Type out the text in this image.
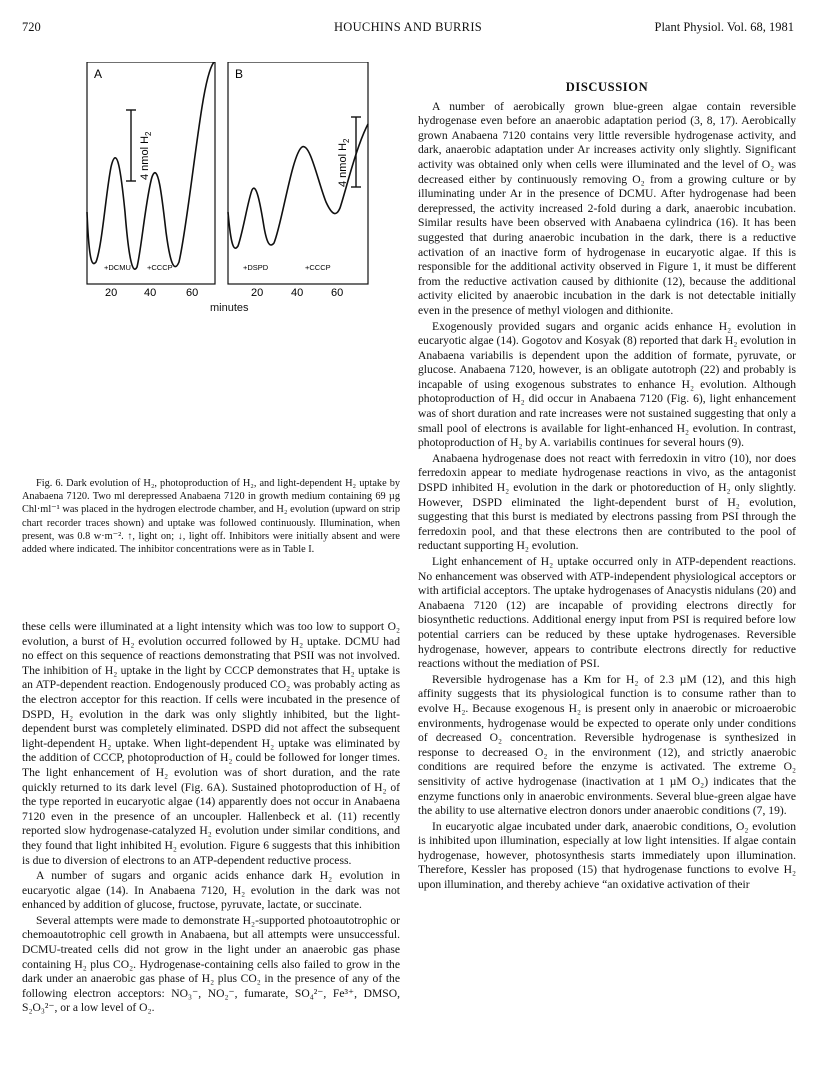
720	HOUCHINS AND BURRIS	Plant Physiol. Vol. 68, 1981
A
4 nmol $H_2$
+DCMU +CCCP
B
4 nmol $H_2$
+DSPD	+CCCP
20 40	60	20	40	60
minutes
Fig. 6. Dark evolution of H₂, photoproduction of H₂, and light-dependent H₂ uptake by Anabaena 7120. Two ml derepressed Anabaena 7120 in growth medium containing 69 µg Chl·ml⁻¹ was placed in the hydrogen electrode chamber, and H₂ evolution (upward on strip chart recorder traces shown) and uptake was followed continuously. Illumination, when present, was 0.8 w·m⁻². ↑, light on; ↓, light off. Inhibitors were initially absent and were added where indicated. The inhibitor concentrations were as in Table I.

these cells were illuminated at a light intensity which was too low to support O₂ evolution, a burst of H₂ evolution occurred followed by H₂ uptake. DCMU had no effect on this sequence of reactions demonstrating that PSII was not involved. The inhibition of H₂ uptake in the light by CCCP demonstrates that H₂ uptake is an ATP-dependent reaction. Endogenously produced CO₂ was probably acting as the electron acceptor for this reaction. If cells were incubated in the presence of DSPD, H₂ evolution in the dark was only slightly inhibited, but the light-dependent burst was completely eliminated. DSPD did not affect the subsequent light-dependent H₂ uptake. When light-dependent H₂ uptake was eliminated by the addition of CCCP, photoproduction of H₂ could be followed for longer times. The light enhancement of H₂ evolution was of short duration, and the rate quickly returned to its dark level (Fig. 6A). Sustained photoproduction of H₂ of the type reported in eucaryotic algae (14) apparently does not occur in Anabaena 7120 even in the presence of an uncoupler. Hallenbeck et al. (11) recently reported slow hydrogenase-catalyzed H₂ evolution under similar conditions, and they found that light inhibited H₂ evolution. Figure 6 suggests that this inhibition is due to diversion of electrons to an ATP-dependent reductive process.

A number of sugars and organic acids enhance dark H₂ evolution in eucaryotic algae (14). In Anabaena 7120, H₂ evolution in the dark was not enhanced by addition of glucose, fructose, pyruvate, lactate, or succinate.

Several attempts were made to demonstrate H₂-supported photoautotrophic or chemoautotrophic cell growth in Anabaena, but all attempts were unsuccessful. DCMU-treated cells did not grow in the light under an anaerobic gas phase containing H₂ plus CO₂. Hydrogenase-containing cells also failed to grow in the dark under an anaerobic gas phase of H₂ plus CO₂ in the presence of any of the following electron acceptors: NO₃⁻, NO₂⁻, fumarate, SO₄²⁻, Fe³⁺, DMSO, S₂O₃²⁻, or a low level of O₂.

DISCUSSION

A number of aerobically grown blue-green algae contain reversible hydrogenase even before an anaerobic adaptation period (3, 8, 17). Aerobically grown Anabaena 7120 contains very little reversible hydrogenase activity, and dark, anaerobic adaptation under Ar increases activity only slightly. Significant activity was obtained only when cells were illuminated and the level of O₂ was decreased either by continuously removing O₂ from a growing culture or by illuminating under Ar in the presence of DCMU. After hydrogenase had been derepressed, the activity increased 2-fold during a dark, anaerobic incubation. Similar results have been observed with Anabaena cylindrica (16). It has been suggested that during anaerobic incubation in the dark, there is a reductive activation of an inactive form of hydrogenase in eucaryotic algae. If this is responsible for the additional activity observed in Figure 1, it must be different from the reductive activation caused by dithionite (12), because the additional activity elicited by anaerobic incubation in the dark is not detectable initially even in the presence of methyl viologen and dithionite.

Exogenously provided sugars and organic acids enhance H₂ evolution in eucaryotic algae (14). Gogotov and Kosyak (8) reported that dark H₂ evolution in Anabaena variabilis is dependent upon the addition of formate, pyruvate, or glucose. Anabaena 7120, however, is an obligate autotroph (22) and probably is incapable of using exogenous substrates to enhance H₂ evolution. Although photoproduction of H₂ did occur in Anabaena 7120 (Fig. 6), light enhancement was of short duration and rate increases were not sustained suggesting that only a small pool of electrons is available for light-enhanced H₂ evolution. In contrast, photoproduction of H₂ by A. variabilis continues for several hours (9).

Anabaena hydrogenase does not react with ferredoxin in vitro (10), nor does ferredoxin appear to mediate hydrogenase reactions in vivo, as the antagonist DSPD inhibited H₂ evolution in the dark or photoreduction of H₂ only slightly. However, DSPD eliminated the light-dependent burst of H₂ evolution, suggesting that this burst is mediated by electrons passing from PSI through the ferredoxin pool, and that these electrons then are contributed to the pool of reductant supporting H₂ evolution.

Light enhancement of H₂ uptake occurred only in ATP-dependent reactions. No enhancement was observed with ATP-independent physiological acceptors or with artificial acceptors. The uptake hydrogenases of Anacystis nidulans (20) and Anabaena 7120 (12) are incapable of providing electrons directly for biosynthetic reductions. Additional energy input from PSI is required before low potential carriers can be reduced by these uptake hydrogenases. Reversible hydrogenase, however, appears to contribute electrons directly for reductive reactions without the mediation of PSI.

Reversible hydrogenase has a Km for H₂ of 2.3 µM (12), and this high affinity suggests that its physiological function is to consume rather than to evolve H₂. Because exogenous H₂ is present only in anaerobic or microaerobic environments, hydrogenase would be expected to operate only under conditions of decreased O₂ concentration. Reversible hydrogenase is synthesized in response to decreased O₂ in the environment (12), and strictly anaerobic conditions are required before the enzyme is activated. The extreme O₂ sensitivity of active hydrogenase (inactivation at 1 µM O₂) indicates that the enzyme functions only in anaerobic environments. Several blue-green algae have the ability to use alternative electron donors under anaerobic conditions (7, 19).

In eucaryotic algae incubated under dark, anaerobic conditions, O₂ evolution is inhibited upon illumination, especially at low light intensities. If algae contain hydrogenase, however, photosynthesis starts immediately upon illumination. Therefore, Kessler has proposed (15) that hydrogenase functions to evolve H₂ upon illumination, and thereby achieve “an oxidative activation of their
